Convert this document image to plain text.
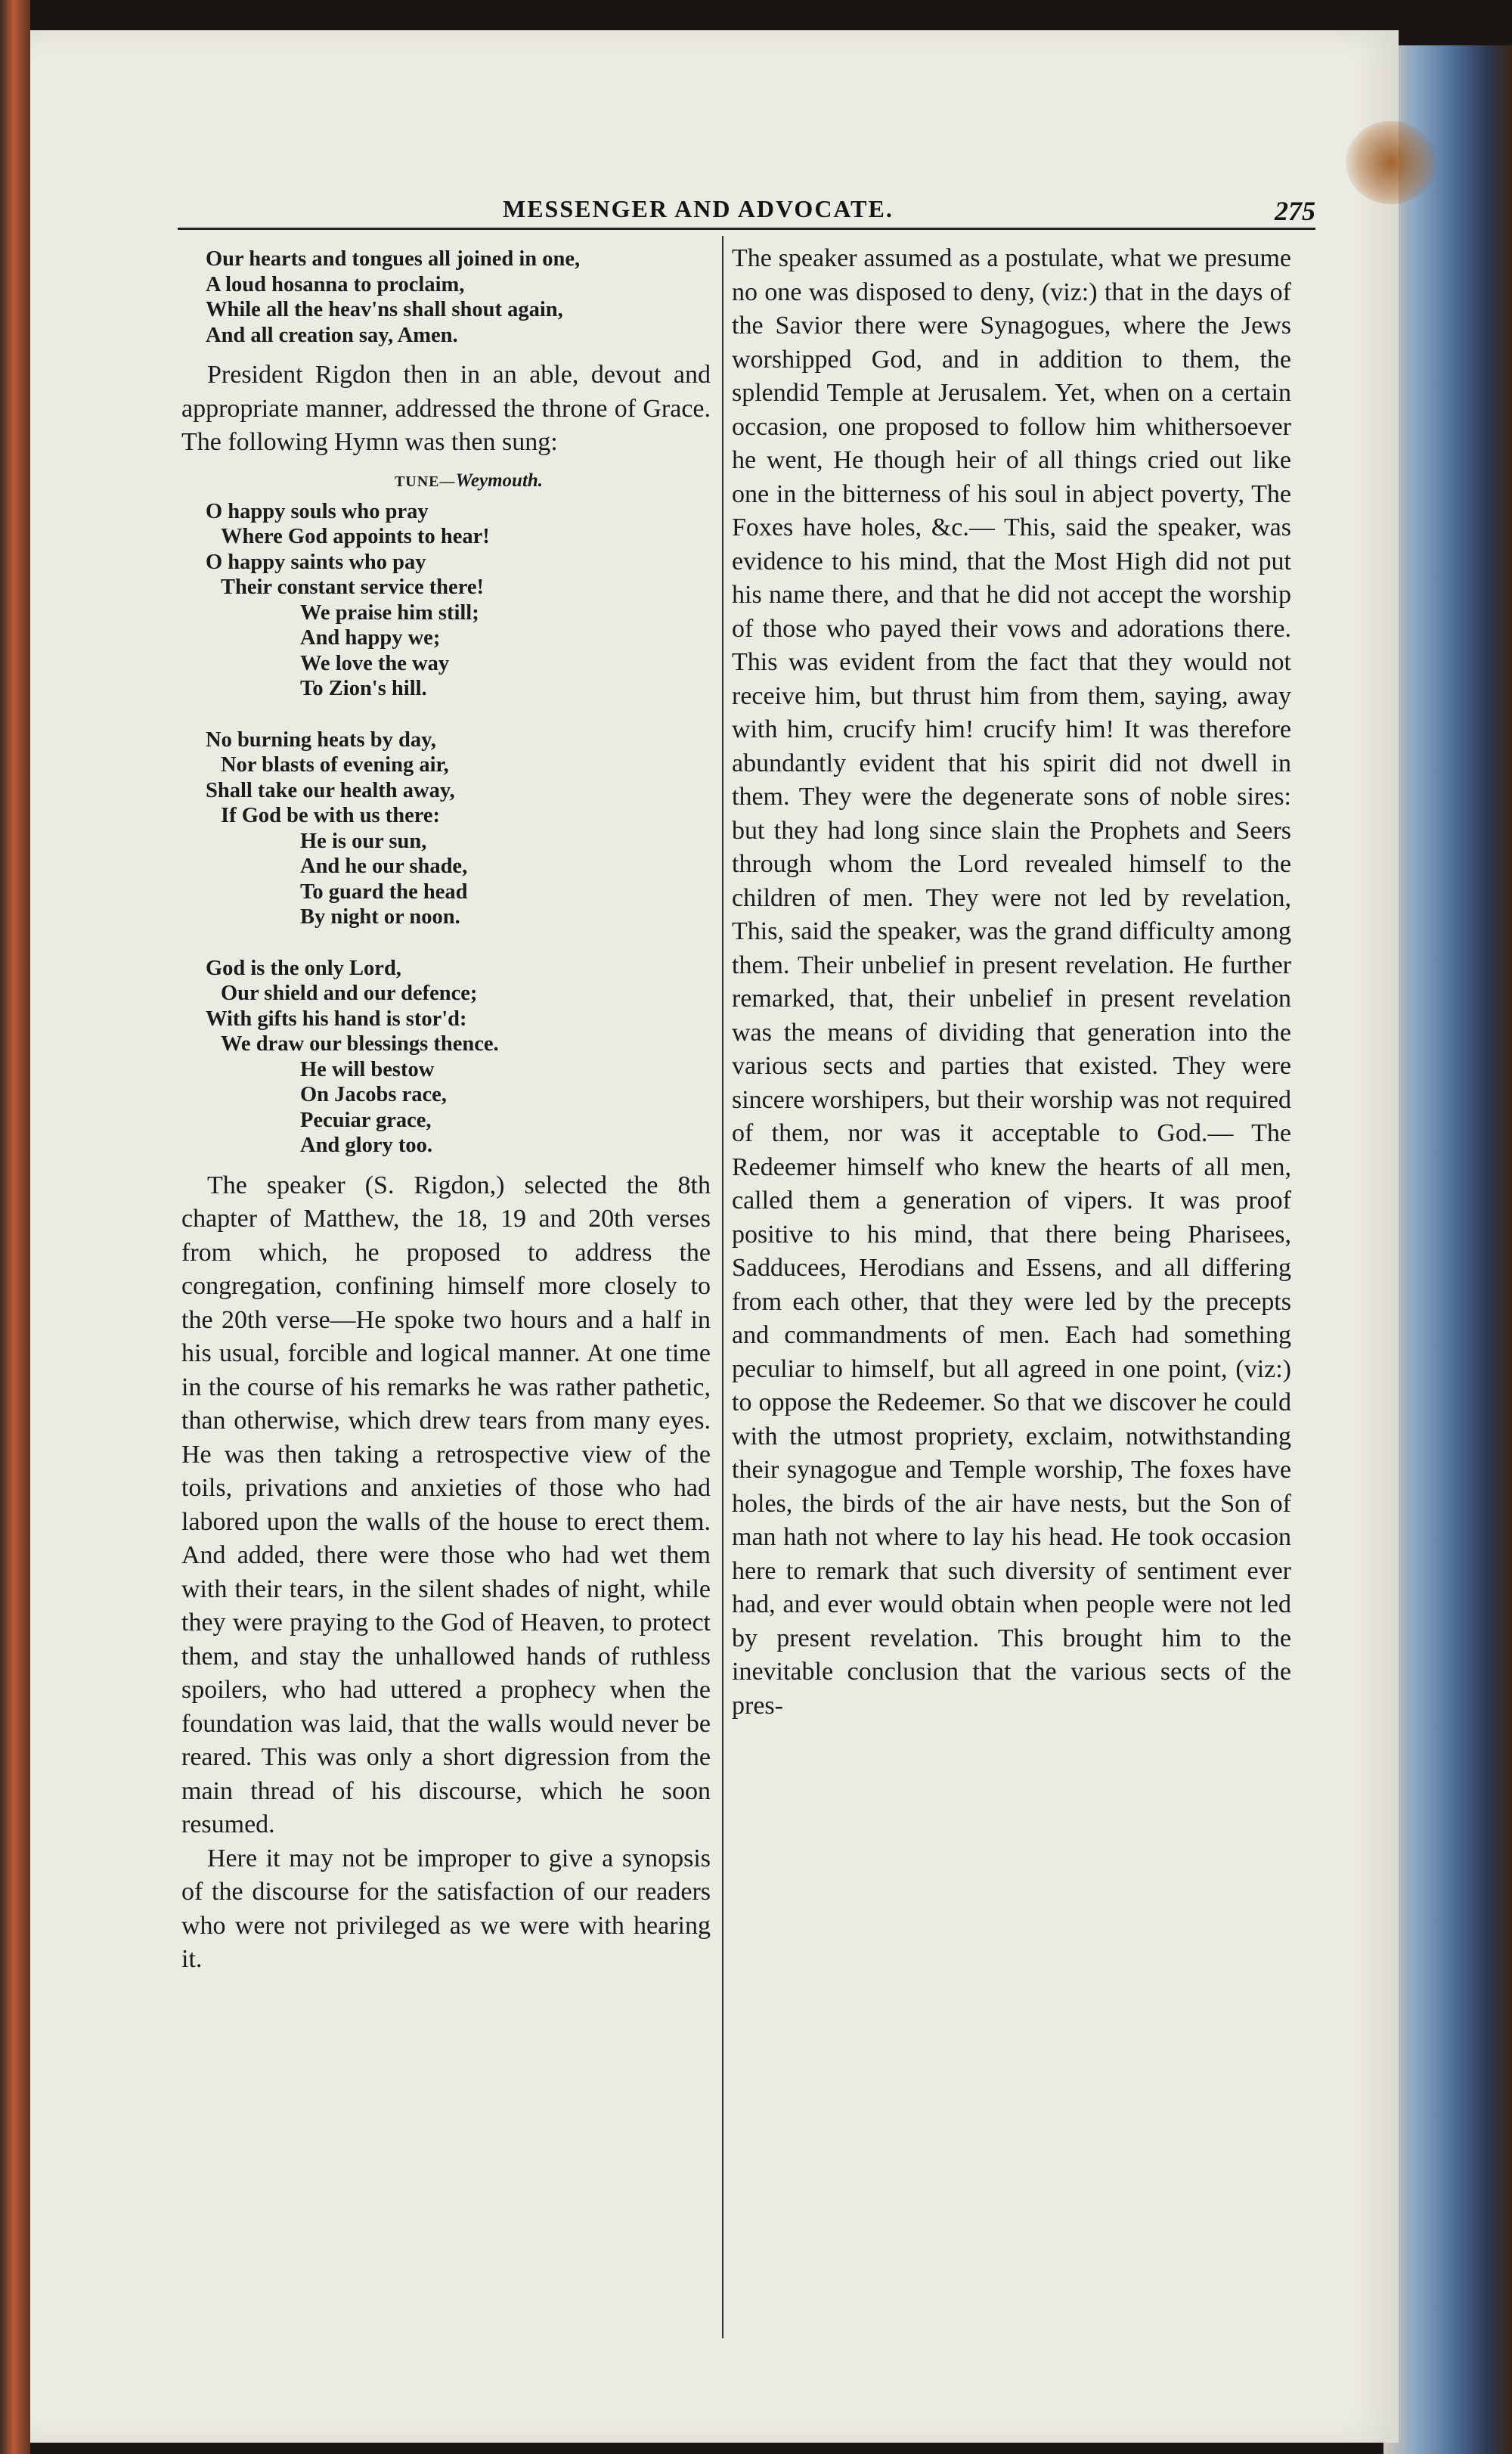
MESSENGER AND ADVOCATE.	275
Our hearts and tongues all joined in one,
A loud hosanna to proclaim,
While all the heav'ns shall shout again,
And all creation say, Amen.

President Rigdon then in an able, devout and appropriate manner, addressed the throne of Grace. The following Hymn was then sung:

TUNE—Weymouth.
O happy souls who pray
Where God appoints to hear!
O happy saints who pay
Their constant service there!
We praise him still;
And happy we;
We love the way
To Zion's hill.
No burning heats by day,
Nor blasts of evening air,
Shall take our health away,
If God be with us there:
He is our sun,
And he our shade,
To guard the head
By night or noon.
God is the only Lord,
Our shield and our defence;
With gifts his hand is stor'd:
We draw our blessings thence.
He will bestow
On Jacobs race,
Pecuiar grace,
And glory too.

The speaker (S. Rigdon,) selected the 8th chapter of Matthew, the 18, 19 and 20th verses from which, he proposed to address the congregation, confining himself more closely to the 20th verse—He spoke two hours and a half in his usual, forcible and logical manner. At one time in the course of his remarks he was rather pathetic, than otherwise, which drew tears from many eyes. He was then taking a retrospective view of the toils, privations and anxieties of those who had labored upon the walls of the house to erect them. And added, there were those who had wet them with their tears, in the silent shades of night, while they were praying to the God of Heaven, to protect them, and stay the unhallowed hands of ruthless spoilers, who had uttered a prophecy when the foundation was laid, that the walls would never be reared. This was only a short digression from the main thread of his discourse, which he soon resumed.

Here it may not be improper to give a synopsis of the discourse for the satisfaction of our readers who were not privileged as we were with hearing it.

The speaker assumed as a postulate, what we presume no one was disposed to deny, (viz:) that in the days of the Savior there were Synagogues, where the Jews worshipped God, and in addition to them, the splendid Temple at Jerusalem. Yet, when on a certain occasion, one proposed to follow him whithersoever he went, He though heir of all things cried out like one in the bitterness of his soul in abject poverty, The Foxes have holes, &c.— This, said the speaker, was evidence to his mind, that the Most High did not put his name there, and that he did not accept the worship of those who payed their vows and adorations there. This was evident from the fact that they would not receive him, but thrust him from them, saying, away with him, crucify him! crucify him! It was therefore abundantly evident that his spirit did not dwell in them. They were the degenerate sons of noble sires: but they had long since slain the Prophets and Seers through whom the Lord revealed himself to the children of men. They were not led by revelation, This, said the speaker, was the grand difficulty among them. Their unbelief in present revelation. He further remarked, that, their unbelief in present revelation was the means of dividing that generation into the various sects and parties that existed. They were sincere worshipers, but their worship was not required of them, nor was it acceptable to God.— The Redeemer himself who knew the hearts of all men, called them a generation of vipers. It was proof positive to his mind, that there being Pharisees, Sadducees, Herodians and Essens, and all differing from each other, that they were led by the precepts and commandments of men. Each had something peculiar to himself, but all agreed in one point, (viz:) to oppose the Redeemer. So that we discover he could with the utmost propriety, exclaim, notwithstanding their synagogue and Temple worship, The foxes have holes, the birds of the air have nests, but the Son of man hath not where to lay his head. He took occasion here to remark that such diversity of sentiment ever had, and ever would obtain when people were not led by present revelation. This brought him to the inevitable conclusion that the various sects of the pres-
